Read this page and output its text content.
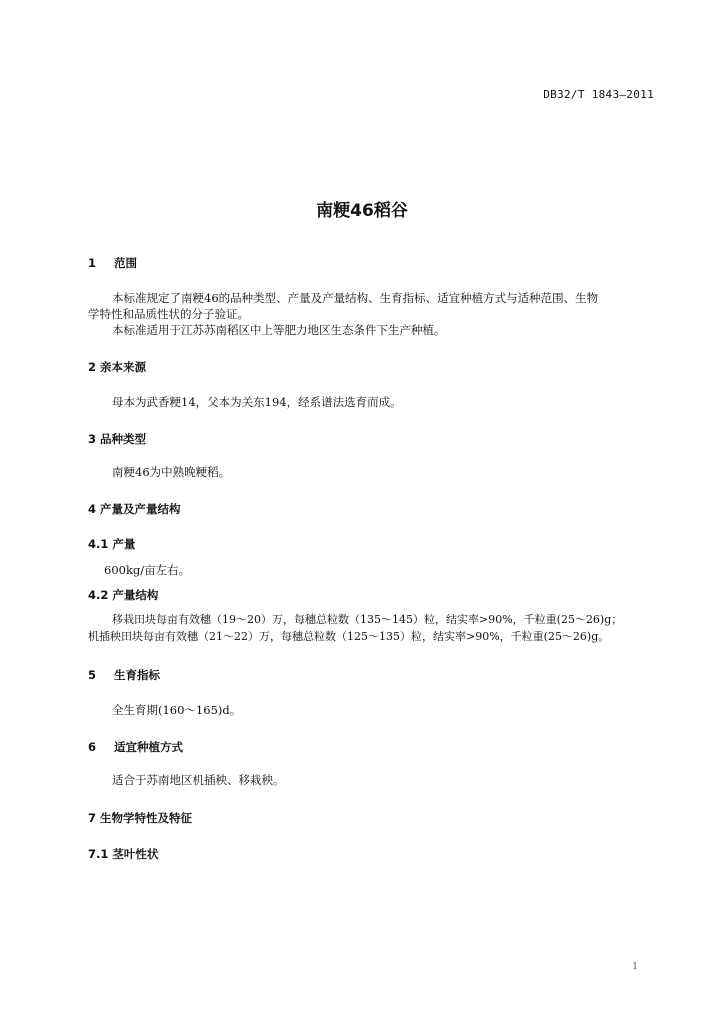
DB32/T 1843—2011
南粳46稻谷
1 范围
本标准规定了南粳46的品种类型、产量及产量结构、生育指标、适宜种植方式与适种范围、生物
学特性和品质性状的分子验证。
本标准适用于江苏苏南稻区中上等肥力地区生态条件下生产种植。
2 亲本来源
母本为武香粳14，父本为关东194，经系谱法选育而成。
3 品种类型
南粳46为中熟晚粳稻。
4 产量及产量结构
4.1 产量
600kg/亩左右。
4.2 产量结构
移栽田块每亩有效穗（19～20）万，每穗总粒数（135～145）粒，结实率>90%，千粒重(25～26)g；
机插秧田块每亩有效穗（21～22）万，每穗总粒数（125～135）粒，结实率>90%，千粒重(25～26)g。
5 生育指标
全生育期(160～165)d。
6 适宜种植方式
适合于苏南地区机插秧、移栽秧。
7 生物学特性及特征
7.1 茎叶性状
1
